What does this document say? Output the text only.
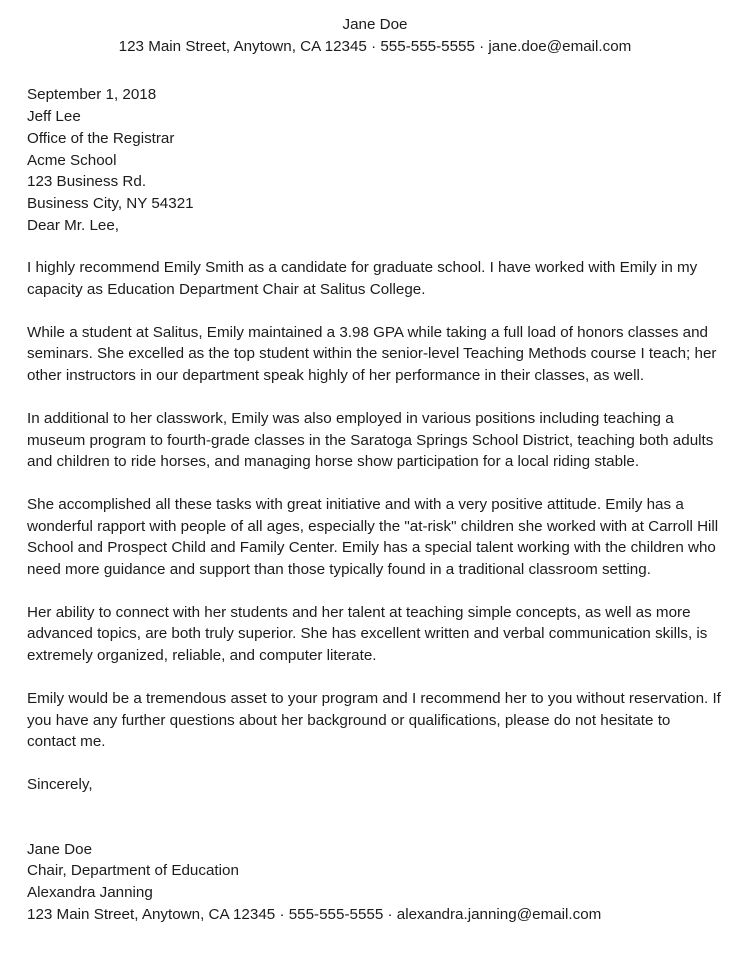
Jane Doe
123 Main Street, Anytown, CA 12345 · 555-555-5555 · jane.doe@email.com
September 1, 2018
Jeff Lee
Office of the Registrar
Acme School
123 Business Rd.
Business City, NY 54321
Dear Mr. Lee,

I highly recommend Emily Smith as a candidate for graduate school. I have worked with Emily in my capacity as Education Department Chair at Salitus College.

While a student at Salitus, Emily maintained a 3.98 GPA while taking a full load of honors classes and seminars. She excelled as the top student within the senior-level Teaching Methods course I teach; her other instructors in our department speak highly of her performance in their classes, as well.

In additional to her classwork, Emily was also employed in various positions including teaching a museum program to fourth-grade classes in the Saratoga Springs School District, teaching both adults and children to ride horses, and managing horse show participation for a local riding stable.

She accomplished all these tasks with great initiative and with a very positive attitude. Emily has a wonderful rapport with people of all ages, especially the "at-risk" children she worked with at Carroll Hill School and Prospect Child and Family Center. Emily has a special talent working with the children who need more guidance and support than those typically found in a traditional classroom setting.

Her ability to connect with her students and her talent at teaching simple concepts, as well as more advanced topics, are both truly superior. She has excellent written and verbal communication skills, is extremely organized, reliable, and computer literate.

Emily would be a tremendous asset to your program and I recommend her to you without reservation. If you have any further questions about her background or qualifications, please do not hesitate to contact me.

Sincerely,
Jane Doe
Chair, Department of Education
Alexandra Janning
123 Main Street, Anytown, CA 12345 · 555-555-5555 · alexandra.janning@email.com
